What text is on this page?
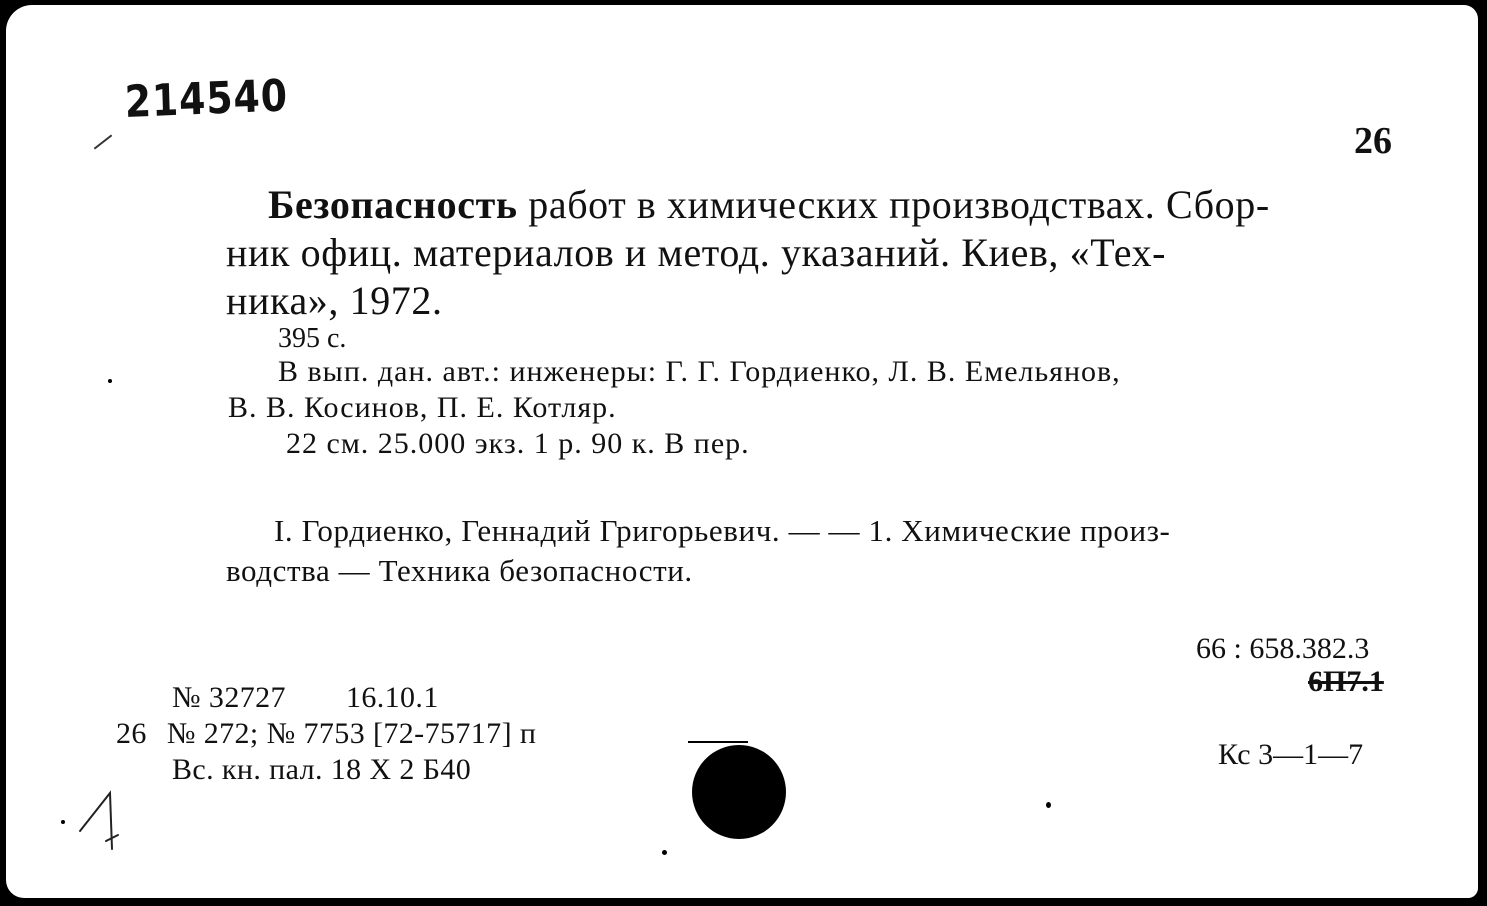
214540
26
Безопасность работ в химических производствах. Сбор-
ник офиц. материалов и метод. указаний. Киев, «Тех-
ника», 1972.
395 с.
В вып. дан. авт.: инженеры: Г. Г. Гордиенко, Л. В. Емельянов,
В. В. Косинов, П. Е. Котляр.
22 см. 25.000 экз. 1 р. 90 к. В пер.
I. Гордиенко, Геннадий Григорьевич. — — 1. Химические произ-
водства — Техника безопасности.
66 : 658.382.3
6П7.1
Кс 3—1—7
№ 32727 16.10.1
26 № 272; № 7753 [72-75717] п
Вс. кн. пал. 18 Х 2 Б40
